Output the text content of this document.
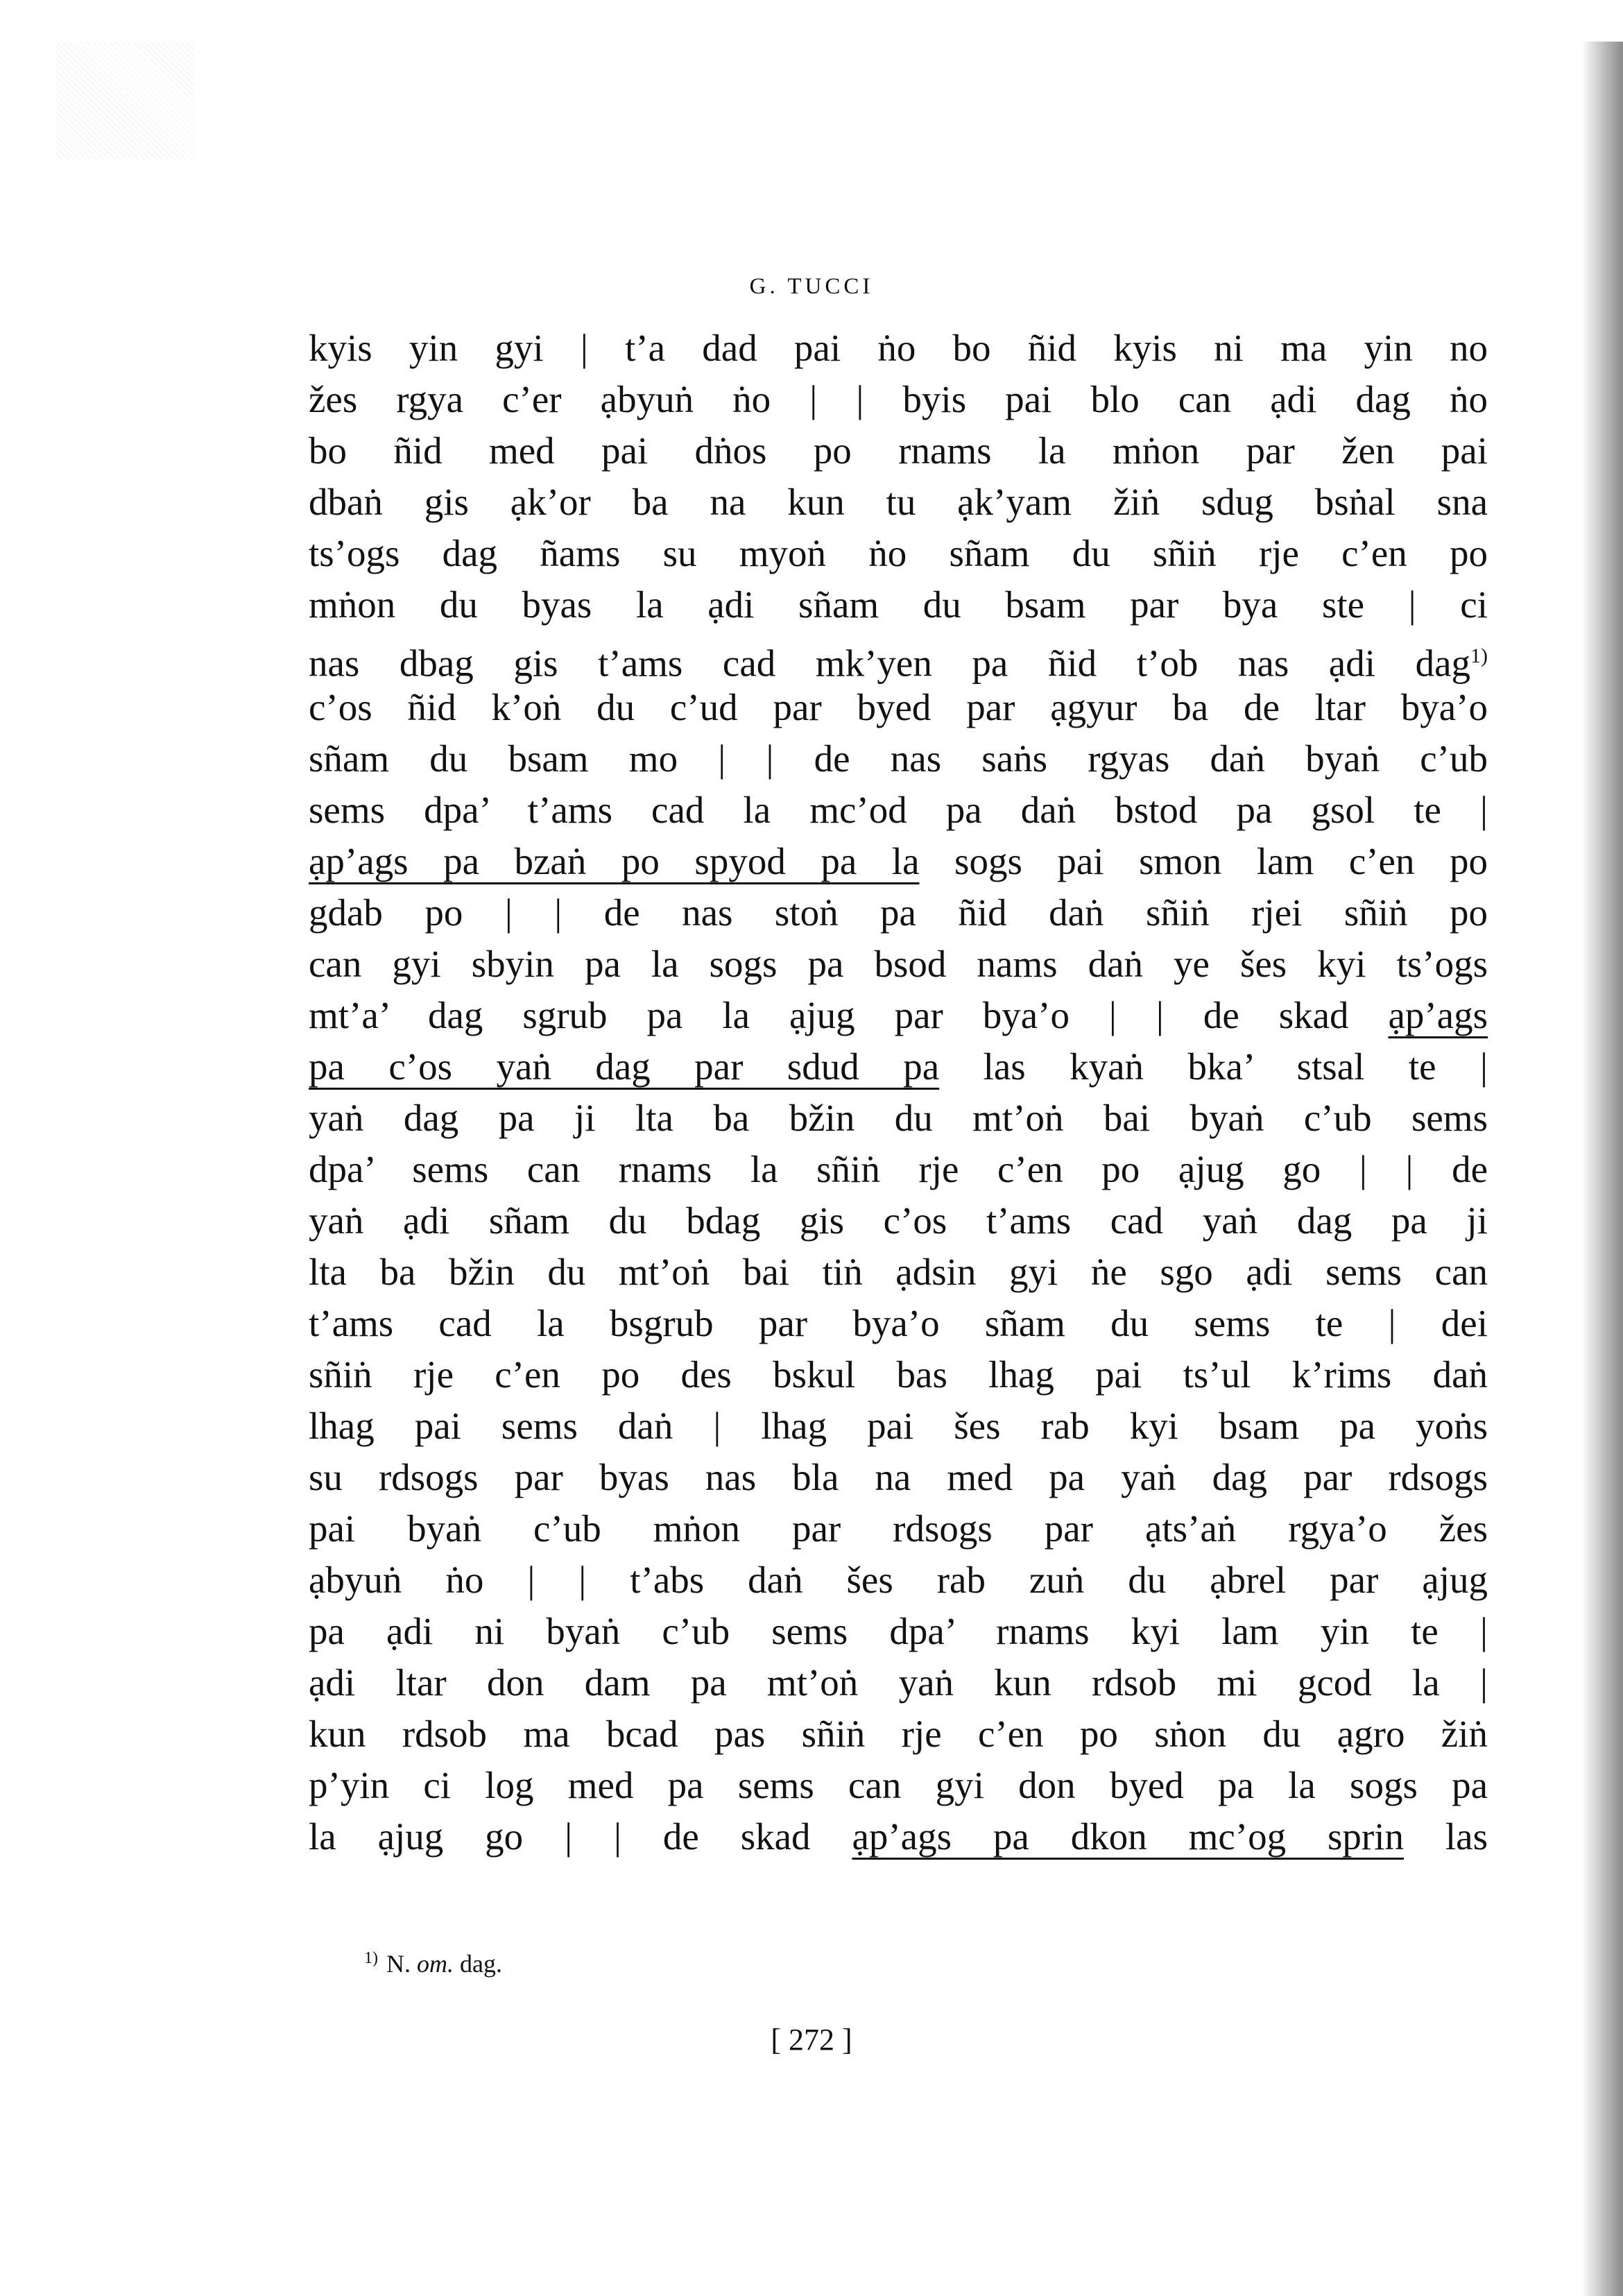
G. TUCCI
kyis yin gyi | t’a dad pai ṅo bo ñid kyis ni ma yin no
žes rgya c’er ạbyuṅ ṅo | | byis pai blo can ạdi dag ṅo
bo ñid med pai dṅos po rnams la mṅon par žen pai
dbaṅ gis ạk’or ba na kun tu ạk’yam žiṅ sdug bsṅal sna
ts’ogs dag ñams su myoṅ ṅo sñam du sñiṅ rje c’en po
mṅon du byas la ạdi sñam du bsam par bya ste | ci
nas dbag gis t’ams cad mk’yen pa ñid t’ob nas ạdi dag$^{1)}$
c’os ñid k’oṅ du c’ud par byed par ạgyur ba de ltar bya’o
sñam du bsam mo | | de nas saṅs rgyas daṅ byaṅ c’ub
sems dpa’ t’ams cad la mc’od pa daṅ bstod pa gsol te |
ạp’ags pa bzaṅ po spyod pa la sogs pai smon lam c’en po
gdab po | | de nas stoṅ pa ñid daṅ sñiṅ rjei sñiṅ po
can gyi sbyin pa la sogs pa bsod nams daṅ ye šes kyi ts’ogs
mt’a’ dag sgrub pa la ạjug par bya’o | | de skad ạp’ags
pa c’os yaṅ dag par sdud pa las kyaṅ bka’ stsal te |
yaṅ dag pa ji lta ba bžin du mt’oṅ bai byaṅ c’ub sems
dpa’ sems can rnams la sñiṅ rje c’en po ạjug go | | de
yaṅ ạdi sñam du bdag gis c’os t’ams cad yaṅ dag pa ji
lta ba bžin du mt’oṅ bai tiṅ ạdsin gyi ṅe sgo ạdi sems can
t’ams cad la bsgrub par bya’o sñam du sems te | dei
sñiṅ rje c’en po des bskul bas lhag pai ts’ul k’rims daṅ
lhag pai sems daṅ | lhag pai šes rab kyi bsam pa yoṅs
su rdsogs par byas nas bla na med pa yaṅ dag par rdsogs
pai byaṅ c’ub mṅon par rdsogs par ạts’aṅ rgya’o žes
ạbyuṅ ṅo | | t’abs daṅ šes rab zuṅ du ạbrel par ạjug
pa ạdi ni byaṅ c’ub sems dpa’ rnams kyi lam yin te |
ạdi ltar don dam pa mt’oṅ yaṅ kun rdsob mi gcod la |
kun rdsob ma bcad pas sñiṅ rje c’en po sṅon du ạgro žiṅ
p’yin ci log med pa sems can gyi don byed pa la sogs pa
la ạjug go | | de skad ạp’ags pa dkon mc’og sprin las
$^{1)}$ N. om. dag.
[ 272 ]
